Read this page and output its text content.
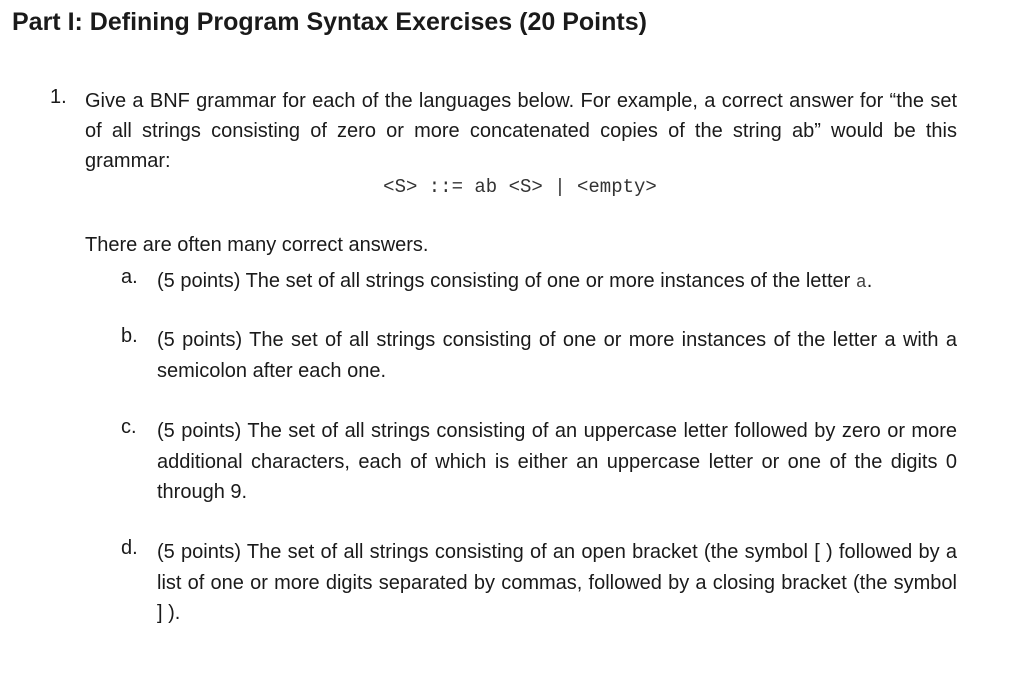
Part I: Defining Program Syntax Exercises (20 Points)
1. Give a BNF grammar for each of the languages below. For example, a correct answer for “the set of all strings consisting of zero or more concatenated copies of the string ab” would be this grammar:
<S> ::= ab <S> | <empty>
There are often many correct answers.
a. (5 points) The set of all strings consisting of one or more instances of the letter a.
b. (5 points) The set of all strings consisting of one or more instances of the letter a with a semicolon after each one.
c. (5 points) The set of all strings consisting of an uppercase letter followed by zero or more additional characters, each of which is either an uppercase letter or one of the digits 0 through 9.
d. (5 points) The set of all strings consisting of an open bracket (the symbol [ ) followed by a list of one or more digits separated by commas, followed by a closing bracket (the symbol ] ).
